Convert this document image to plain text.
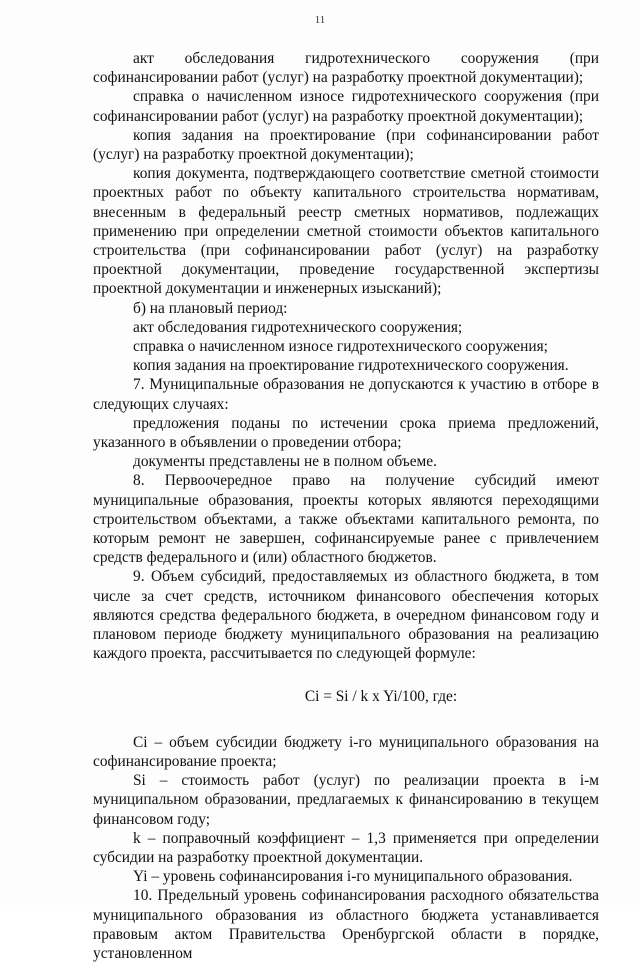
11

акт обследования гидротехнического сооружения (при софинансировании работ (услуг) на разработку проектной документации);

справка о начисленном износе гидротехнического сооружения (при софинансировании работ (услуг) на разработку проектной документации);

копия задания на проектирование (при софинансировании работ (услуг) на разработку проектной документации);

копия документа, подтверждающего соответствие сметной стоимости проектных работ по объекту капитального строительства нормативам, внесенным в федеральный реестр сметных нормативов, подлежащих применению при определении сметной стоимости объектов капитального строительства (при софинансировании работ (услуг) на разработку проектной документации, проведение государственной экспертизы проектной документации и инженерных изысканий);

б) на плановый период:

акт обследования гидротехнического сооружения;

справка о начисленном износе гидротехнического сооружения;

копия задания на проектирование гидротехнического сооружения.

7. Муниципальные образования не допускаются к участию в отборе в следующих случаях:

предложения поданы по истечении срока приема предложений, указанного в объявлении о проведении отбора;

документы представлены не в полном объеме.

8. Первоочередное право на получение субсидий имеют муниципальные образования, проекты которых являются переходящими строительством объектами, а также объектами капитального ремонта, по которым ремонт не завершен, софинансируемые ранее с привлечением средств федерального и (или) областного бюджетов.

9. Объем субсидий, предоставляемых из областного бюджета, в том числе за счет средств, источником финансового обеспечения которых являются средства федерального бюджета, в очередном финансовом году и плановом периоде бюджету муниципального образования на реализацию каждого проекта, рассчитывается по следующей формуле:

Ci = Si / k x Yi/100, где:

Ci – объем субсидии бюджету i-го муниципального образования на софинансирование проекта;

Si – стоимость работ (услуг) по реализации проекта в i-м муниципальном образовании, предлагаемых к финансированию в текущем финансовом году;

k – поправочный коэффициент – 1,3 применяется при определении субсидии на разработку проектной документации.

Yi – уровень софинансирования i-го муниципального образования.

10. Предельный уровень софинансирования расходного обязательства муниципального образования из областного бюджета устанавливается правовым актом Правительства Оренбургской области в порядке, установленном
